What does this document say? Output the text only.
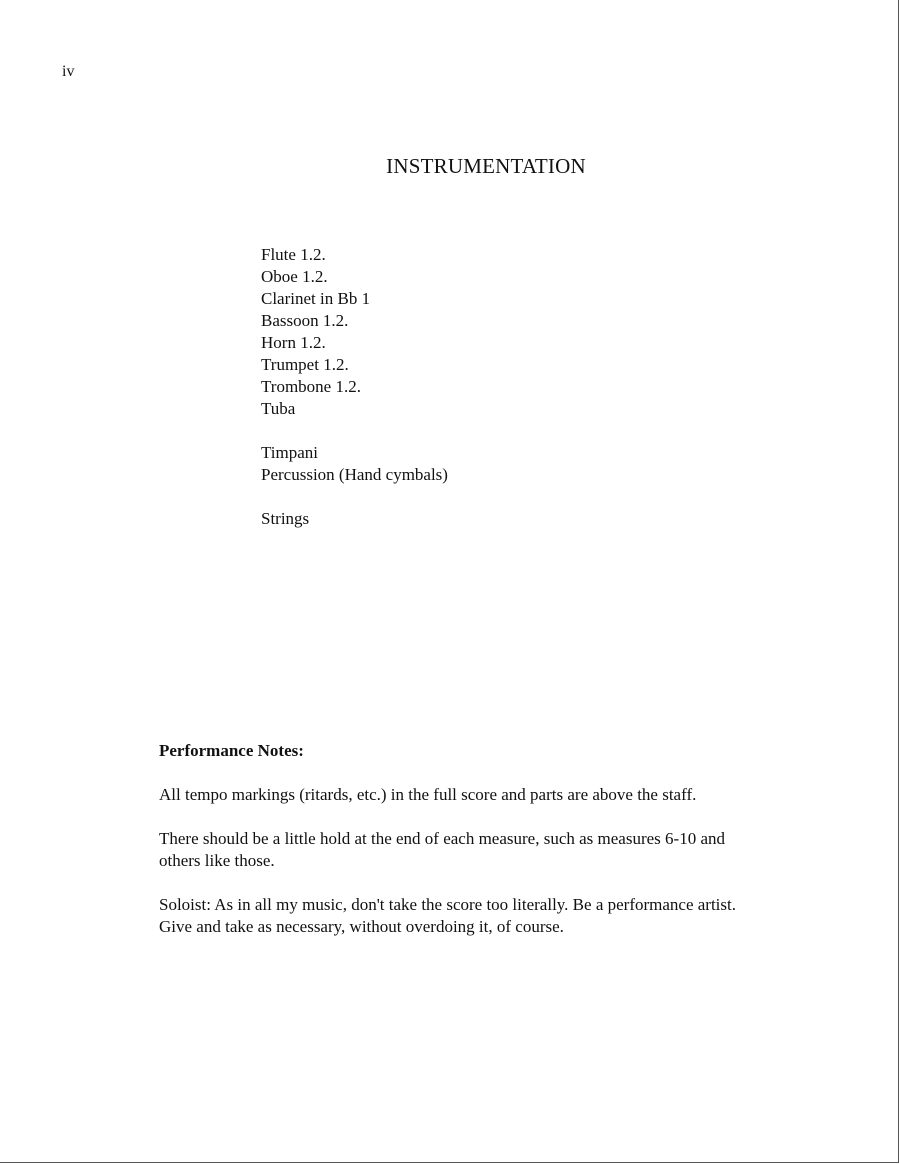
iv
INSTRUMENTATION
Flute 1.2.
Oboe 1.2.
Clarinet in Bb 1
Bassoon 1.2.
Horn 1.2.
Trumpet 1.2.
Trombone 1.2.
Tuba
Timpani
Percussion (Hand cymbals)
Strings
Performance Notes:

All tempo markings (ritards, etc.) in the full score and parts are above the staff.

There should be a little hold at the end of each measure, such as measures 6-10 and
others like those.

Soloist: As in all my music, don't take the score too literally. Be a performance artist.
Give and take as necessary, without overdoing it, of course.
